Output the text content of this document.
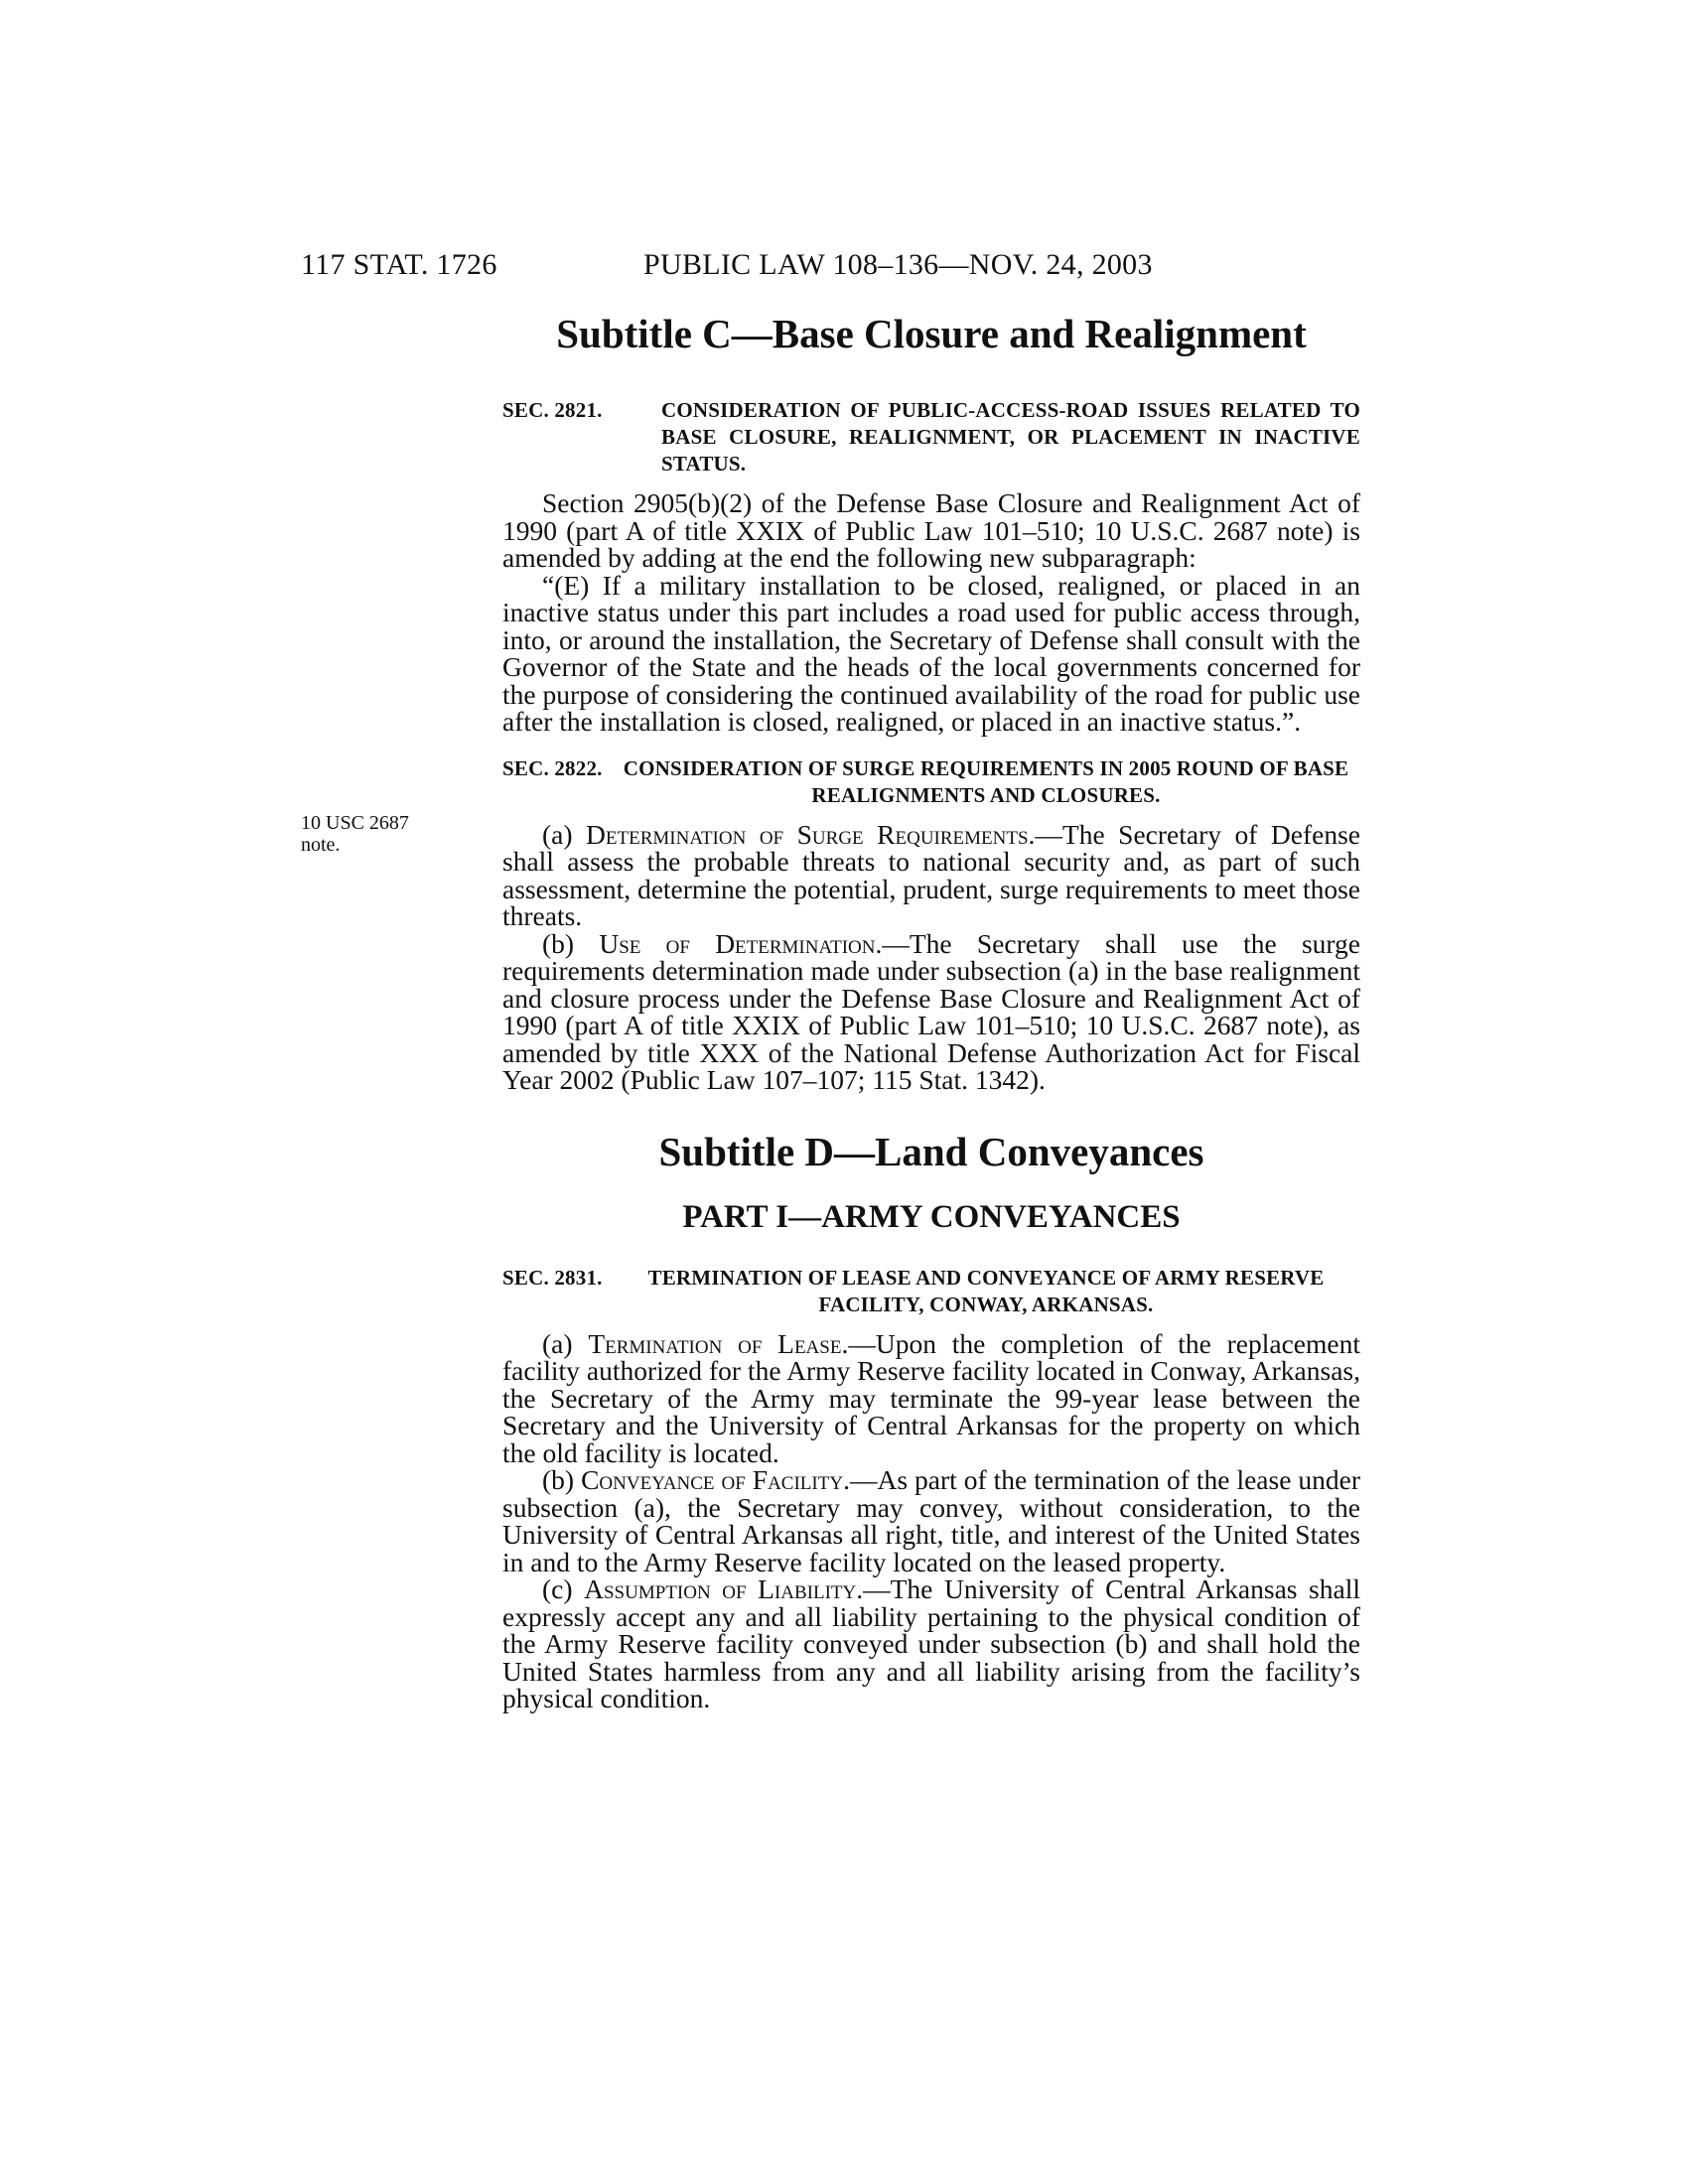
117 STAT. 1726	PUBLIC LAW 108–136—NOV. 24, 2003
10 USC 2687
note.
Subtitle C—Base Closure and Realignment
SEC. 2821.	CONSIDERATION OF PUBLIC-ACCESS-ROAD ISSUES RELATED TO BASE CLOSURE, REALIGNMENT, OR PLACEMENT IN INACTIVE STATUS.

Section 2905(b)(2) of the Defense Base Closure and Realignment Act of 1990 (part A of title XXIX of Public Law 101–510; 10 U.S.C. 2687 note) is amended by adding at the end the following new subparagraph:

“(E) If a military installation to be closed, realigned, or placed in an inactive status under this part includes a road used for public access through, into, or around the installation, the Secretary of Defense shall consult with the Governor of the State and the heads of the local governments concerned for the purpose of considering the continued availability of the road for public use after the installation is closed, realigned, or placed in an inactive status.”.

SEC. 2822.	CONSIDERATION OF SURGE REQUIREMENTS IN 2005 ROUND OF BASE REALIGNMENTS AND CLOSURES.

(a) Determination of Surge Requirements.—The Secretary of Defense shall assess the probable threats to national security and, as part of such assessment, determine the potential, prudent, surge requirements to meet those threats.

(b) Use of Determination.—The Secretary shall use the surge requirements determination made under subsection (a) in the base realignment and closure process under the Defense Base Closure and Realignment Act of 1990 (part A of title XXIX of Public Law 101–510; 10 U.S.C. 2687 note), as amended by title XXX of the National Defense Authorization Act for Fiscal Year 2002 (Public Law 107–107; 115 Stat. 1342).

Subtitle D—Land Conveyances
PART I—ARMY CONVEYANCES
SEC. 2831.	TERMINATION OF LEASE AND CONVEYANCE OF ARMY RESERVE FACILITY, CONWAY, ARKANSAS.

(a) Termination of Lease.—Upon the completion of the replacement facility authorized for the Army Reserve facility located in Conway, Arkansas, the Secretary of the Army may terminate the 99-year lease between the Secretary and the University of Central Arkansas for the property on which the old facility is located.

(b) Conveyance of Facility.—As part of the termination of the lease under subsection (a), the Secretary may convey, without consideration, to the University of Central Arkansas all right, title, and interest of the United States in and to the Army Reserve facility located on the leased property.

(c) Assumption of Liability.—The University of Central Arkansas shall expressly accept any and all liability pertaining to the physical condition of the Army Reserve facility conveyed under subsection (b) and shall hold the United States harmless from any and all liability arising from the facility’s physical condition.
